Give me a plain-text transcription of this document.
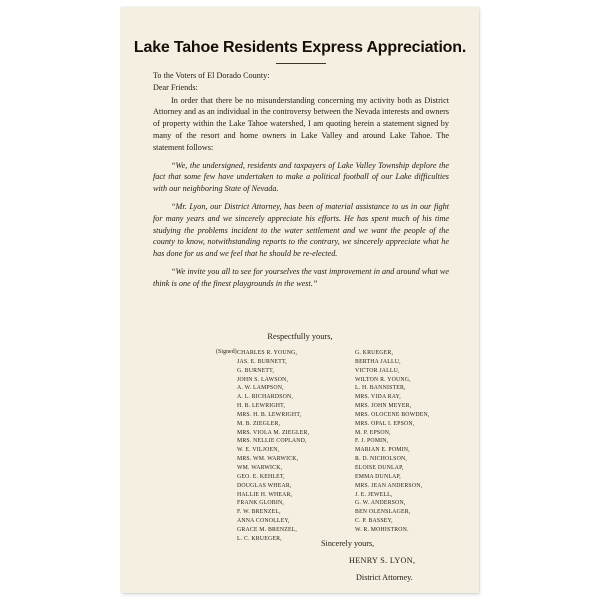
Lake Tahoe Residents Express Appreciation.

To the Voters of El Dorado County:

Dear Friends:

In order that there be no misunderstanding concerning my activity both as District Attorney and as an individual in the controversy between the Nevada interests and owners of property within the Lake Tahoe watershed, I am quoting herein a statement signed by many of the resort and home owners in Lake Valley and around Lake Tahoe. The statement follows:

“We, the undersigned, residents and taxpayers of Lake Valley Township deplore the fact that some few have undertaken to make a political football of our Lake difficulties with our neighboring State of Nevada.

“Mr. Lyon, our District Attorney, has been of material assistance to us in our fight for many years and we sincerely appreciate his efforts. He has spent much of his time studying the problems incident to the water settlement and we want the people of the county to know, notwithstanding reports to the contrary, we sincerely appreciate what he has done for us and we feel that he should be re-elected.

“We invite you all to see for yourselves the vast improvement in and around what we think is one of the finest playgrounds in the west.”

Respectfully yours,
(Signed) CHARLES R. YOUNG,
JAS. E. BURNETT,
G. BURNETT,
JOHN S. LAWSON,
A. W. LAMPSON,
A. L. RICHARDSON,
H. B. LEWRIGHT,
MRS. H. B. LEWRIGHT,
M. B. ZIEGLER,
MRS. VIOLA M. ZIEGLER,
MRS. NELLIE COPLAND,
W. E. VILJOEN,
MRS. WM. WARWICK,
WM. WARWICK,
GEO. E. KEHLET,
DOUGLAS WHEAR,
HALLIE H. WHEAR,
FRANK GLOBIN,
F. W. BRENZEL,
ANNA CONOLLEY,
GRACE M. BRENZEL,
L. C. KRUEGER,
G. KRUEGER,
BERTHA JALLU,
VICTOR JALLU,
WILTON R. YOUNG,
L. H. BANNISTER,
MRS. VIDA RAY,
MRS. JOHN MEYER,
MRS. OLOCENE BOWDEN,
MRS. OPAL I. EPSON,
M. P. EPSON,
F. J. POMIN,
MARIAN E. POMIN,
R. D. NICHOLSON,
ELOISE DUNLAP,
EMMA DUNLAP,
MRS. JEAN ANDERSON,
J. E. JEWELL,
G. W. ANDERSON,
BEN OLENSLAGER,
C. P. BASSEY,
W. R. MOHISTRON.
Sincerely yours,
HENRY S. LYON,
District Attorney.
